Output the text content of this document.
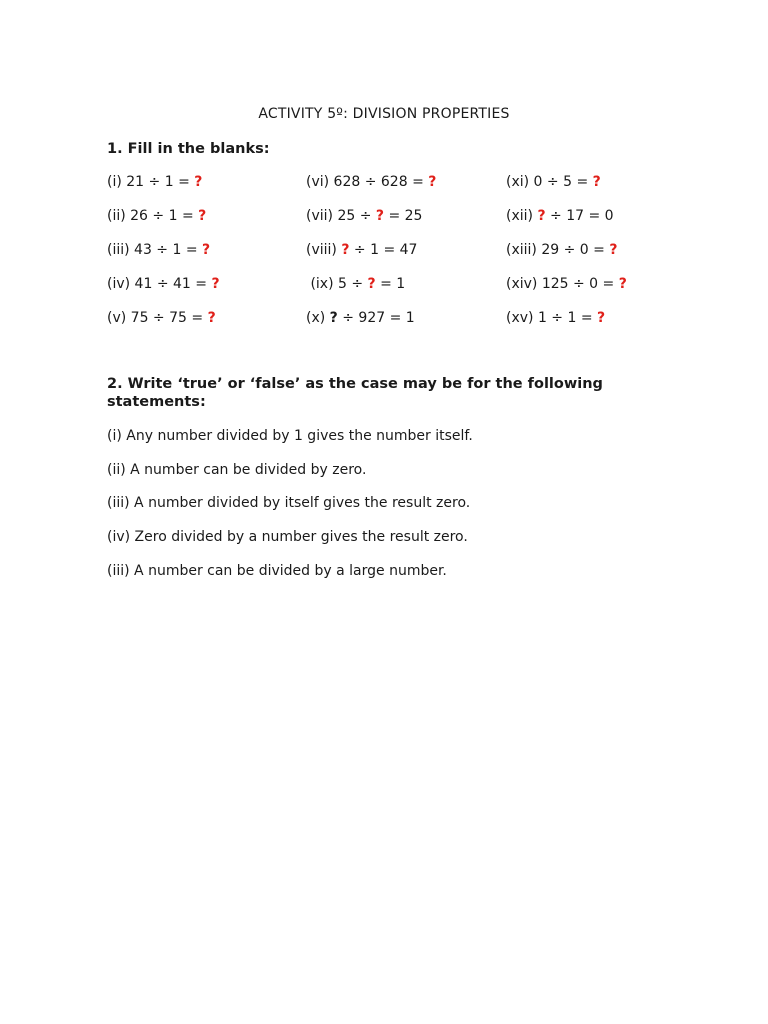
ACTIVITY 5º: DIVISION PROPERTIES
1. Fill in the blanks:
(i) 21 ÷ 1 = ?	(vi) 628 ÷ 628 = ?	(xi) 0 ÷ 5 = ?
(ii) 26 ÷ 1 = ?	(vii) 25 ÷ ? = 25	(xii) ? ÷ 17 = 0
(iii) 43 ÷ 1 = ?	(viii) ? ÷ 1 = 47	(xiii) 29 ÷ 0 = ?
(iv) 41 ÷ 41 = ?	(ix) 5 ÷ ? = 1	(xiv) 125 ÷ 0 = ?
(v) 75 ÷ 75 = ?	(x) ? ÷ 927 = 1	(xv) 1 ÷ 1 = ?
2. Write ‘true’ or ‘false’ as the case may be for the following statements:
(i) Any number divided by 1 gives the number itself.
(ii) A number can be divided by zero.
(iii) A number divided by itself gives the result zero.
(iv) Zero divided by a number gives the result zero.
(iii) A number can be divided by a large number.
